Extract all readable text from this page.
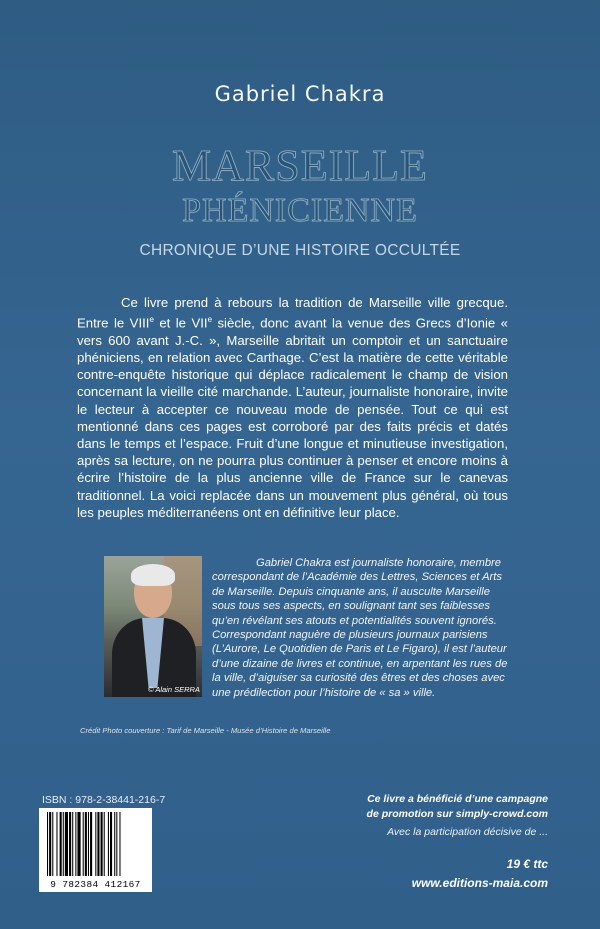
Gabriel Chakra
MARSEILLE
PHÉNICIENNE
CHRONIQUE D’UNE HISTOIRE OCCULTÉE

Ce livre prend à rebours la tradition de Marseille ville grecque. Entre le VIIIe et le VIIe siècle, donc avant la venue des Grecs d’Ionie « vers 600 avant J.-C. », Marseille abritait un comptoir et un sanctuaire phéniciens, en relation avec Carthage. C’est la matière de cette véritable contre-enquête historique qui déplace radicalement le champ de vision concernant la vieille cité marchande. L’auteur, journaliste honoraire, invite le lecteur à accepter ce nouveau mode de pensée. Tout ce qui est mentionné dans ces pages est corroboré par des faits précis et datés dans le temps et l’espace. Fruit d’une longue et minutieuse investigation, après sa lecture, on ne pourra plus continuer à penser et encore moins à écrire l’histoire de la plus ancienne ville de France sur le canevas traditionnel. La voici replacée dans un mouvement plus général, où tous les peuples méditerranéens ont en définitive leur place.

© Alain SERRA

Gabriel Chakra est journaliste honoraire, membre correspondant de l’Académie des Lettres, Sciences et Arts de Marseille. Depuis cinquante ans, il ausculte Marseille sous tous ses aspects, en soulignant tant ses faiblesses qu’en révélant ses atouts et potentialités souvent ignorés. Correspondant naguère de plusieurs journaux parisiens (L’Aurore, Le Quotidien de Paris et Le Figaro), il est l’auteur d’une dizaine de livres et continue, en arpentant les rues de la ville, d’aiguiser sa curiosité des êtres et des choses avec une prédilection pour l’histoire de « sa » ville.

Crédit Photo couverture : Tarif de Marseille - Musée d’Histoire de Marseille
ISBN : 978-2-38441-216-7
9 782384 412167
Ce livre a bénéficié d’une campagne
de promotion sur simply-crowd.com
Avec la participation décisive de ...
19 € ttc
www.editions-maia.com
